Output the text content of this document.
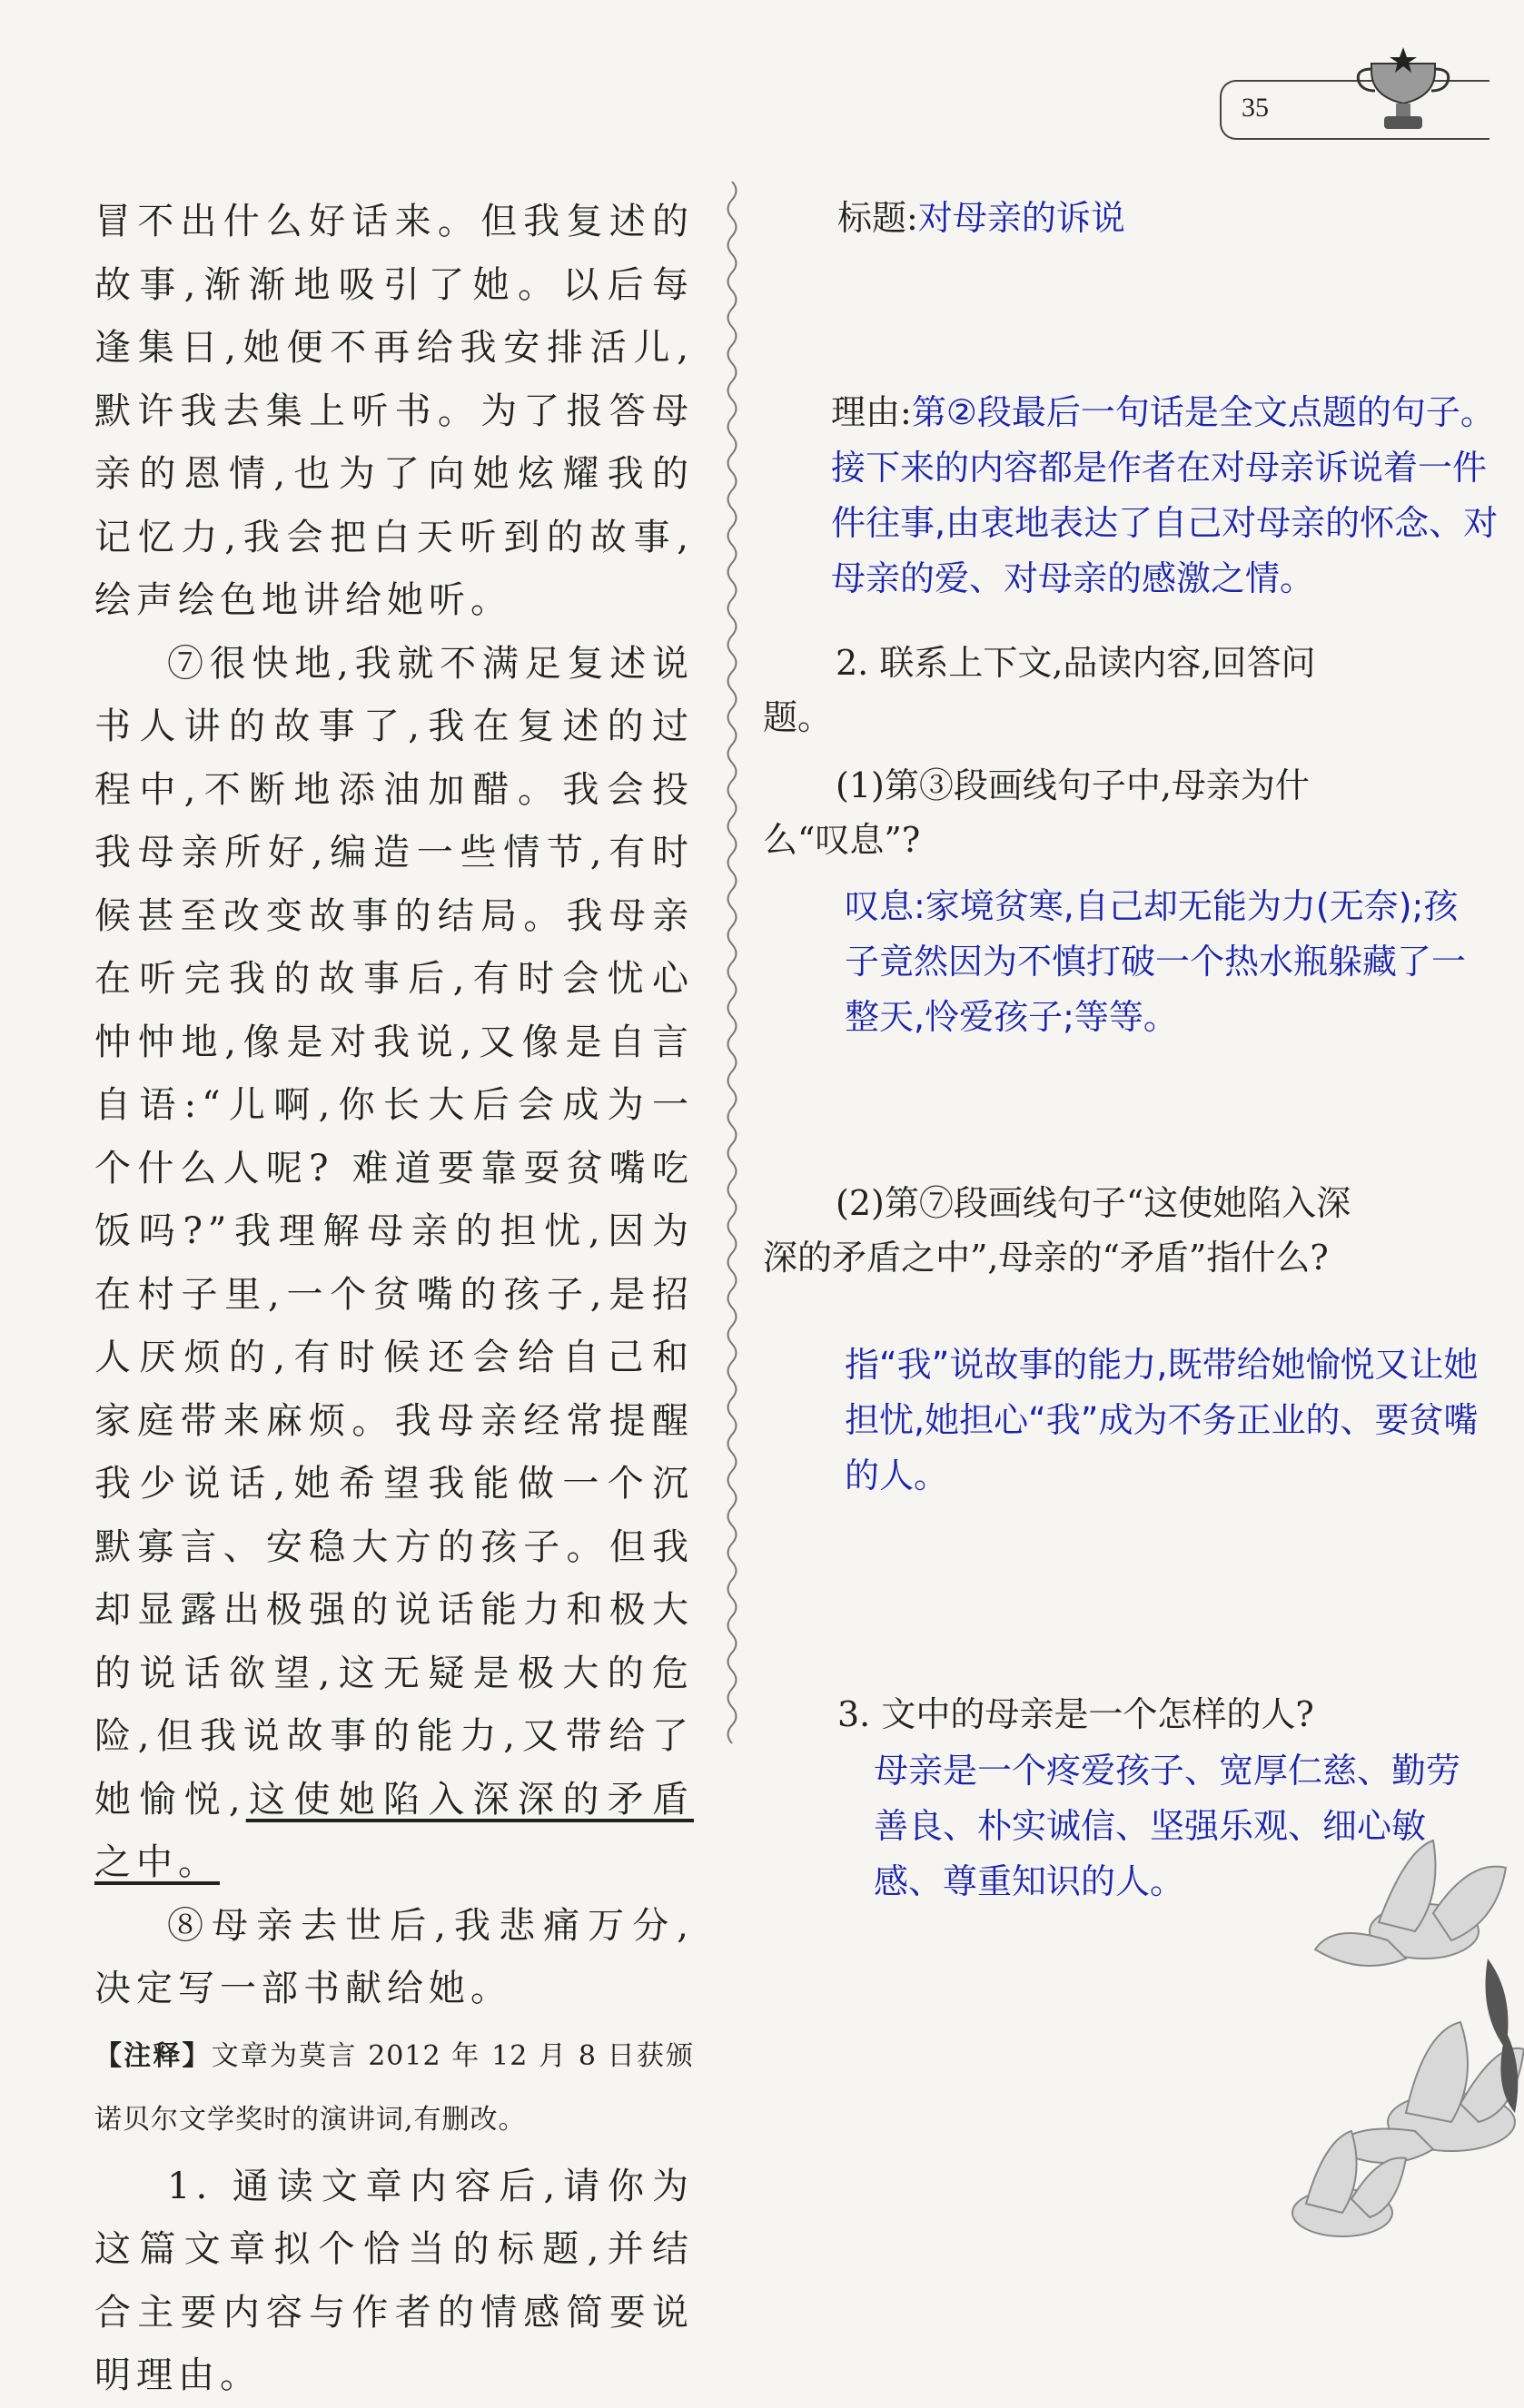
35

冒不出什么好话来。但我复述的故事,渐渐地吸引了她。以后每逢集日,她便不再给我安排活儿,默许我去集上听书。为了报答母亲的恩情,也为了向她炫耀我的记忆力,我会把白天听到的故事,绘声绘色地讲给她听。

⑦很快地,我就不满足复述说书人讲的故事了,我在复述的过程中,不断地添油加醋。我会投我母亲所好,编造一些情节,有时候甚至改变故事的结局。我母亲在听完我的故事后,有时会忧心忡忡地,像是对我说,又像是自言自语:“儿啊,你长大后会成为一个什么人呢? 难道要靠耍贫嘴吃饭吗?”我理解母亲的担忧,因为在村子里,一个贫嘴的孩子,是招人厌烦的,有时候还会给自己和家庭带来麻烦。我母亲经常提醒我少说话,她希望我能做一个沉默寡言、安稳大方的孩子。但我却显露出极强的说话能力和极大的说话欲望,这无疑是极大的危险,但我说故事的能力,又带给了她愉悦,这使她陷入深深的矛盾之中。

⑧母亲去世后,我悲痛万分,决定写一部书献给她。

【注释】文章为莫言 2012 年 12 月 8 日获颁诺贝尔文学奖时的演讲词,有删改。

1. 通读文章内容后,请你为这篇文章拟个恰当的标题,并结合主要内容与作者的情感简要说明理由。

标题:对母亲的诉说
理由:第②段最后一句话是全文点题的句子。接下来的内容都是作者在对母亲诉说着一件件往事,由衷地表达了自己对母亲的怀念、对母亲的爱、对母亲的感激之情。

2. 联系上下文,品读内容,回答问题。

(1)第③段画线句子中,母亲为什么“叹息”?

叹息:家境贫寒,自己却无能为力(无奈);孩子竟然因为不慎打破一个热水瓶躲藏了一整天,怜爱孩子;等等。

(2)第⑦段画线句子“这使她陷入深深的矛盾之中”,母亲的“矛盾”指什么?

指“我”说故事的能力,既带给她愉悦又让她担忧,她担心“我”成为不务正业的、要贫嘴的人。

3. 文中的母亲是一个怎样的人?

母亲是一个疼爱孩子、宽厚仁慈、勤劳善良、朴实诚信、坚强乐观、细心敏感、尊重知识的人。
